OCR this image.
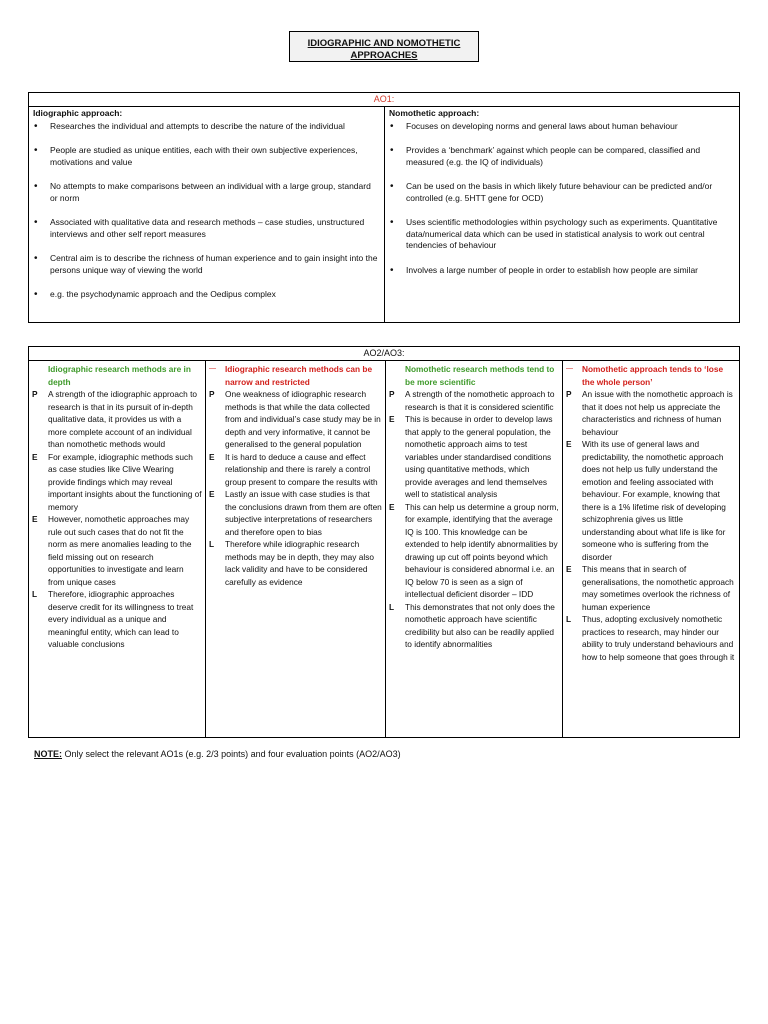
IDIOGRAPHIC AND NOMOTHETIC
APPROACHES
AO1:
Idiographic approach:
• Researches the individual and attempts to describe the nature of the individual
• People are studied as unique entities, each with their own subjective experiences, motivations and value
• No attempts to make comparisons between an individual with a large group, standard or norm
• Associated with qualitative data and research methods – case studies, unstructured interviews and other self report measures
• Central aim is to describe the richness of human experience and to gain insight into the persons unique way of viewing the world
• e.g. the psychodynamic approach and the Oedipus complex
Nomothetic approach:
• Focuses on developing norms and general laws about human behaviour
• Provides a ‘benchmark’ against which people can be compared, classified and measured (e.g. the IQ of individuals)
• Can be used on the basis in which likely future behaviour can be predicted and/or controlled (e.g. 5HTT gene for OCD)
• Uses scientific methodologies within psychology such as experiments. Quantitative data/numerical data which can be used in statistical analysis to work out central tendencies of behaviour
• Involves a large number of people in order to establish how people are similar
AO2/AO3:
Idiographic research methods are in depth
P	A strength of the idiographic approach to research is that in its pursuit of in-depth qualitative data, it provides us with a more complete account of an individual than nomothetic methods would
E	For example, idiographic methods such as case studies like Clive Wearing provide findings which may reveal important insights about the functioning of memory
E	However, nomothetic approaches may rule out such cases that do not fit the norm as mere anomalies leading to the field missing out on research opportunities to investigate and learn from unique cases
L	Therefore, idiographic approaches deserve credit for its willingness to treat every individual as a unique and meaningful entity, which can lead to valuable conclusions
—	Idiographic research methods can be narrow and restricted
P	One weakness of idiographic research methods is that while the data collected from and individual’s case study may be in depth and very informative, it cannot be generalised to the general population
E	It is hard to deduce a cause and effect relationship and there is rarely a control group present to compare the results with
E	Lastly an issue with case studies is that the conclusions drawn from them are often subjective interpretations of researchers and therefore open to bias
L	Therefore while idiographic research methods may be in depth, they may also lack validity and have to be considered carefully as evidence
Nomothetic research methods tend to be more scientific
P	A strength of the nomothetic approach to research is that it is considered scientific
E	This is because in order to develop laws that apply to the general population, the nomothetic approach aims to test variables under standardised conditions using quantitative methods, which provide averages and lend themselves well to statistical analysis
E	This can help us determine a group norm, for example, identifying that the average IQ is 100. This knowledge can be extended to help identify abnormalities by drawing up cut off points beyond which behaviour is considered abnormal i.e. an IQ below 70 is seen as a sign of intellectual deficient disorder – IDD
L	This demonstrates that not only does the nomothetic approach have scientific credibility but also can be readily applied to identify abnormalities
—	Nomothetic approach tends to ‘lose the whole person’
P	An issue with the nomothetic approach is that it does not help us appreciate the characteristics and richness of human behaviour
E	With its use of general laws and predictability, the nomothetic approach does not help us fully understand the emotion and feeling associated with behaviour. For example, knowing that there is a 1% lifetime risk of developing schizophrenia gives us little understanding about what life is like for someone who is suffering from the disorder
E	This means that in search of generalisations, the nomothetic approach may sometimes overlook the richness of human experience
L	Thus, adopting exclusively nomothetic practices to research, may hinder our ability to truly understand behaviours and how to help someone that goes through it
NOTE: Only select the relevant AO1s (e.g. 2/3 points) and four evaluation points (AO2/AO3)
